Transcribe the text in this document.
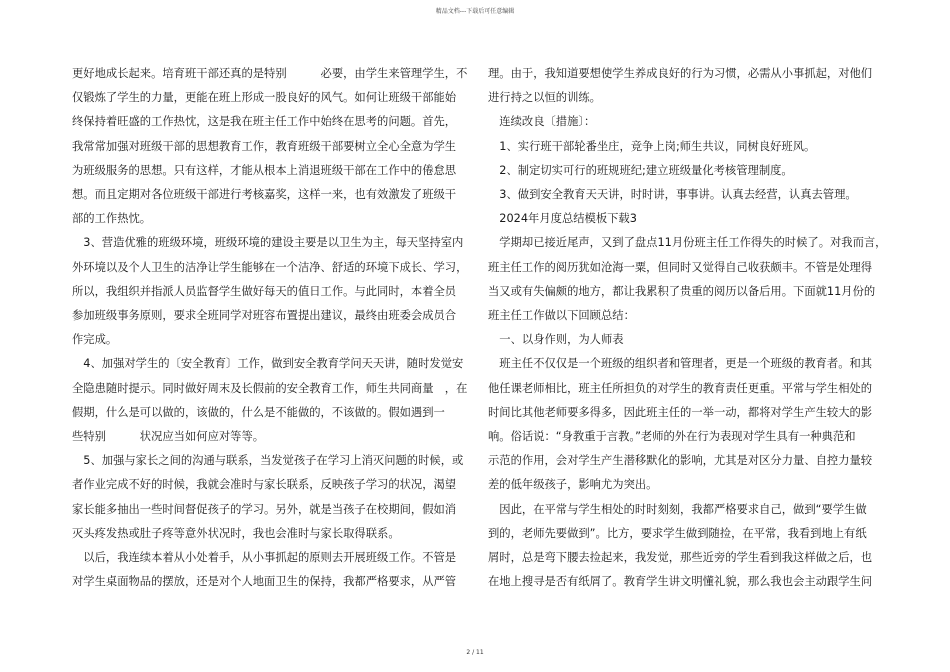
精品文档---下载后可任意编辑

更好地成长起来。培育班干部还真的是特别　　　必要，由学生来管理学生，不

仅锻炼了学生的力量，更能在班上形成一股良好的风气。如何让班级干部能始

终保持着旺盛的工作热忱，这是我在班主任工作中始终在思考的问题。首先，

我常常加强对班级干部的思想教育工作，教育班级干部要树立全心全意为学生

为班级服务的思想。只有这样，才能从根本上消退班级干部在工作中的倦怠思

想。而且定期对各位班级干部进行考核嘉奖，这样一来，也有效激发了班级干

部的工作热忱。

　3、营造优雅的班级环境，班级环境的建设主要是以卫生为主，每天坚持室内

外环境以及个人卫生的洁净让学生能够在一个洁净、舒适的环境下成长、学习，

所以，我组织并指派人员监督学生做好每天的值日工作。与此同时，本着全员

参加班级事务原则，要求全班同学对班容布置提出建议，最终由班委会成员合

作完成。

　4、加强对学生的〔安全教育〕工作，做到安全教育学问天天讲，随时发觉安

全隐患随时提示。同时做好周末及长假前的安全教育工作，师生共同商量　，在

假期，什么是可以做的，该做的，什么是不能做的，不该做的。假如遇到一

些特别　　　状况应当如何应对等等。

　5、加强与家长之间的沟通与联系，当发觉孩子在学习上消灭问题的时候，或

者作业完成不好的时候，我就会准时与家长联系，反映孩子学习的状况，渴望

家长能多抽出一些时间督促孩子的学习。另外，就是当孩子在校期间，假如消

灭头疼发热或肚子疼等意外状况时，我也会准时与家长取得联系。

　以后，我连续本着从小处着手，从小事抓起的原则去开展班级工作。不管是

对学生桌面物品的摆放，还是对个人地面卫生的保持，我都严格要求，从严管

理。由于，我知道要想使学生养成良好的行为习惯，必需从小事抓起，对他们

进行持之以恒的训练。

　连续改良〔措施〕：

　1、实行班干部轮番坐庄，竞争上岗;师生共议，同树良好班风。

　2、制定切实可行的班规班纪;建立班级量化考核管理制度。

　3、做到安全教育天天讲，时时讲，事事讲。认真去经营，认真去管理。

　2024年月度总结模板下载3

　学期却已接近尾声，又到了盘点11月份班主任工作得失的时候了。对我而言，

班主任工作的阅历犹如沧海一粟，但同时又觉得自己收获颇丰。不管是处理得

当又或有失偏颇的地方，都让我累积了贵重的阅历以备后用。下面就11月份的

班主任工作做以下回顾总结：

　一、以身作则，为人师表

　班主任不仅仅是一个班级的组织者和管理者，更是一个班级的教育者。和其

他任课老师相比，班主任所担负的对学生的教育责任更重。平常与学生相处的

时间比其他老师要多得多，因此班主任的一举一动，都将对学生产生较大的影

响。俗话说：“身教重于言教。”老师的外在行为表现对学生具有一种典范和

示范的作用，会对学生产生潜移默化的影响，尤其是对区分力量、自控力量较

差的低年级孩子，影响尤为突出。

　因此，在平常与学生相处的时时刻刻，我都严格要求自己，做到“要学生做

到的，老师先要做到”。比方，要求学生做到随捡，在平常，我看到地上有纸

屑时，总是弯下腰去捡起来，我发觉，那些近旁的学生看到我这样做之后，也

在地上搜寻是否有纸屑了。教育学生讲文明懂礼貌，那么我也会主动跟学生问

2 / 11
